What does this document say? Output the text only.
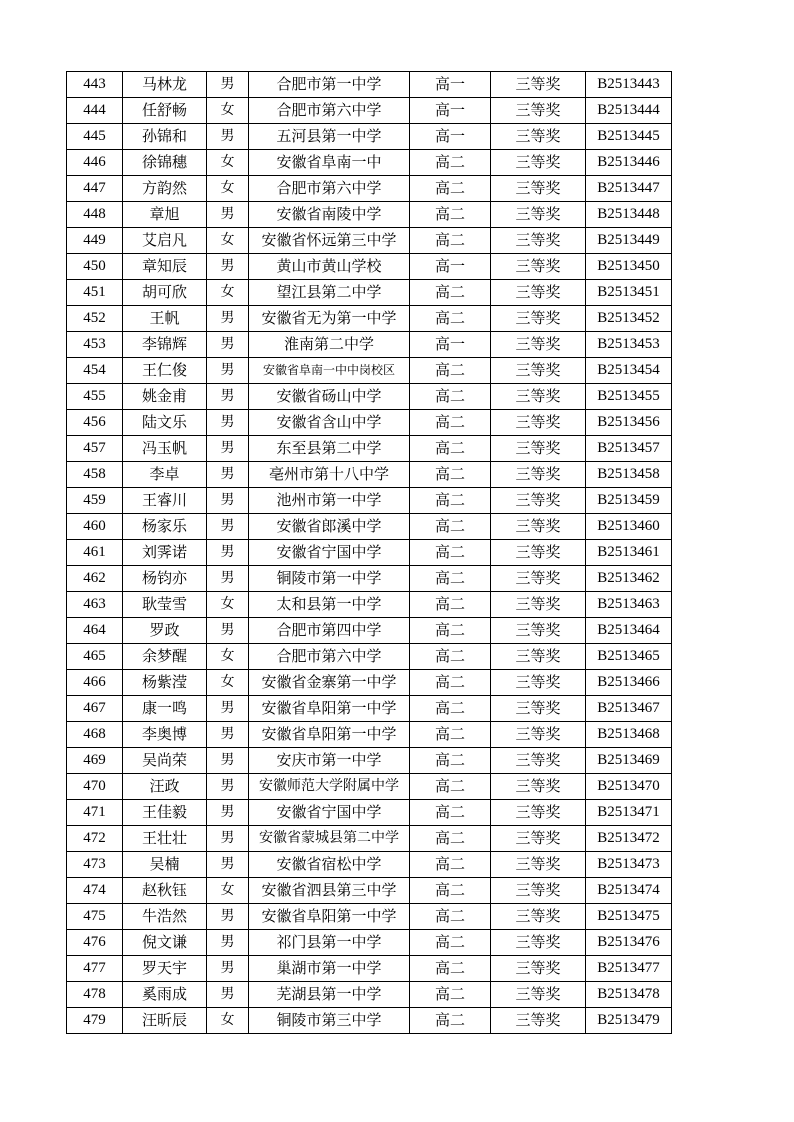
443	马林龙	男	合肥市第一中学	高一	三等奖	B2513443
444	任舒畅	女	合肥市第六中学	高一	三等奖	B2513444
445	孙锦和	男	五河县第一中学	高一	三等奖	B2513445
446	徐锦穗	女	安徽省阜南一中	高二	三等奖	B2513446
447	方韵然	女	合肥市第六中学	高二	三等奖	B2513447
448	章旭	男	安徽省南陵中学	高二	三等奖	B2513448
449	艾启凡	女	安徽省怀远第三中学	高二	三等奖	B2513449
450	章知辰	男	黄山市黄山学校	高一	三等奖	B2513450
451	胡可欣	女	望江县第二中学	高二	三等奖	B2513451
452	王帆	男	安徽省无为第一中学	高二	三等奖	B2513452
453	李锦辉	男	淮南第二中学	高一	三等奖	B2513453
454	王仁俊	男	安徽省阜南一中中岗校区	高二	三等奖	B2513454
455	姚金甫	男	安徽省砀山中学	高二	三等奖	B2513455
456	陆文乐	男	安徽省含山中学	高二	三等奖	B2513456
457	冯玉帆	男	东至县第二中学	高二	三等奖	B2513457
458	李卓	男	亳州市第十八中学	高二	三等奖	B2513458
459	王睿川	男	池州市第一中学	高二	三等奖	B2513459
460	杨家乐	男	安徽省郎溪中学	高二	三等奖	B2513460
461	刘霁诺	男	安徽省宁国中学	高二	三等奖	B2513461
462	杨钧亦	男	铜陵市第一中学	高二	三等奖	B2513462
463	耿莹雪	女	太和县第一中学	高二	三等奖	B2513463
464	罗政	男	合肥市第四中学	高二	三等奖	B2513464
465	余梦醒	女	合肥市第六中学	高二	三等奖	B2513465
466	杨紫滢	女	安徽省金寨第一中学	高二	三等奖	B2513466
467	康一鸣	男	安徽省阜阳第一中学	高二	三等奖	B2513467
468	李奥博	男	安徽省阜阳第一中学	高二	三等奖	B2513468
469	吴尚荣	男	安庆市第一中学	高二	三等奖	B2513469
470	汪政	男	安徽师范大学附属中学	高二	三等奖	B2513470
471	王佳毅	男	安徽省宁国中学	高二	三等奖	B2513471
472	王壮壮	男	安徽省蒙城县第二中学	高二	三等奖	B2513472
473	吴楠	男	安徽省宿松中学	高二	三等奖	B2513473
474	赵秋钰	女	安徽省泗县第三中学	高二	三等奖	B2513474
475	牛浩然	男	安徽省阜阳第一中学	高二	三等奖	B2513475
476	倪文谦	男	祁门县第一中学	高二	三等奖	B2513476
477	罗天宇	男	巢湖市第一中学	高二	三等奖	B2513477
478	奚雨成	男	芜湖县第一中学	高二	三等奖	B2513478
479	汪昕辰	女	铜陵市第三中学	高二	三等奖	B2513479
